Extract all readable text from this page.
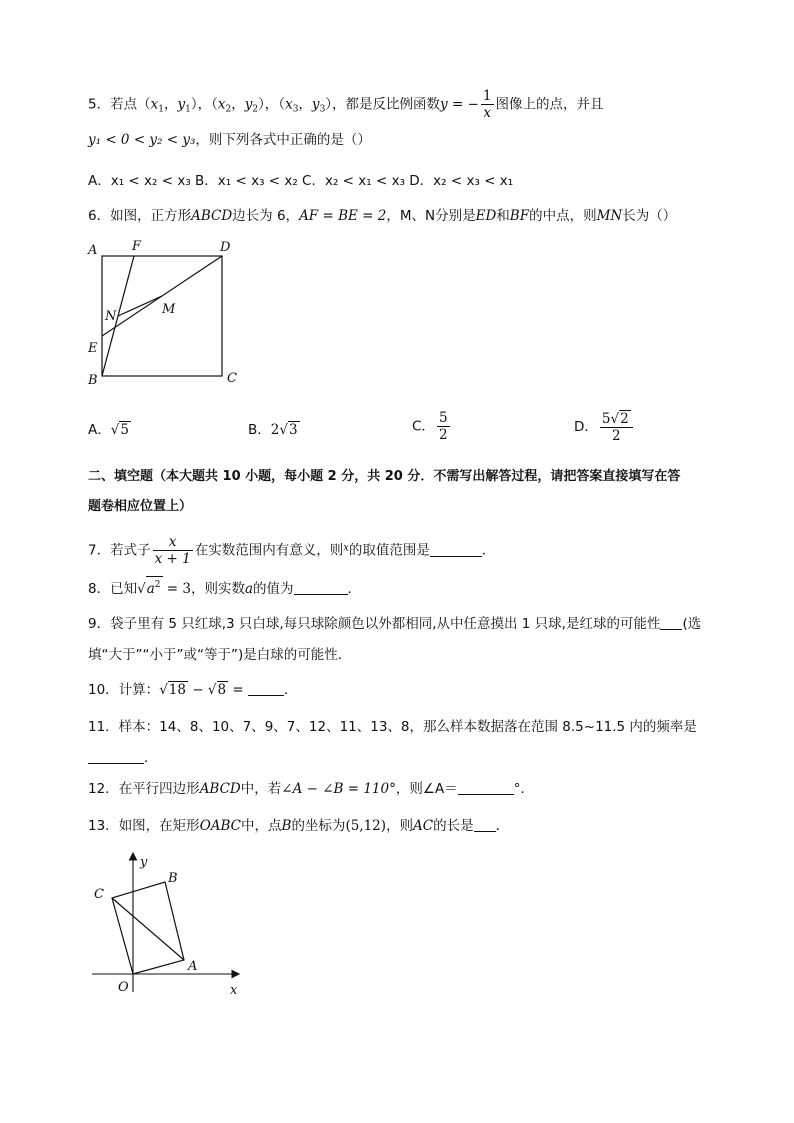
5．若点（$x_1$，$y_1$），（$x_2$，$y_2$），（$x_3$，$y_3$），都是反比例函数y = − $\frac{1}{x}$ 图像上的点，并且
y₁ < 0 < y₂ < y₃，则下列各式中正确的是（）
A．x₁ < x₂ < x₃ B．x₁ < x₃ < x₂ C．x₂ < x₁ < x₃ D．x₂ < x₃ < x₁
6．如图，正方形ABCD边长为 6，AF = BE = 2，M、N分别是ED和BF的中点，则MN长为（）
A	F	D
N	M
E
B	C
A．√5	B．2√3	C． $\frac{5}{2}$	D． $\frac{5√2}{2}$
二、填空题（本大题共 10 小题，每小题 2 分，共 20 分．不需写出解答过程，请把答案直接填写在答
题卷相应位置上）
7．若式子 $\frac{x}{x + 1}$ 在实数范围内有意义，则$^x$的取值范围是	．
8．已知$√a^2 = 3$，则实数a的值为	．
9．袋子里有 5 只红球,3 只白球,每只球除颜色以外都相同,从中任意摸出 1 只球,是红球的可能性 (选
填“大于”“小于”或“等于”)是白球的可能性．
10．计算：√18 − √8 =	．
11．样本：14、8、10、7、9、7、12、11、13、8，那么样本数据落在范围 8.5~11.5 内的频率是
.
12．在平行四边形ABCD中，若∠A − ∠B = 110°，则∠A＝	°．
13．如图，在矩形OABC中，点B的坐标为(5,12)，则AC的长是 ．
y
C
B
A
O	x
